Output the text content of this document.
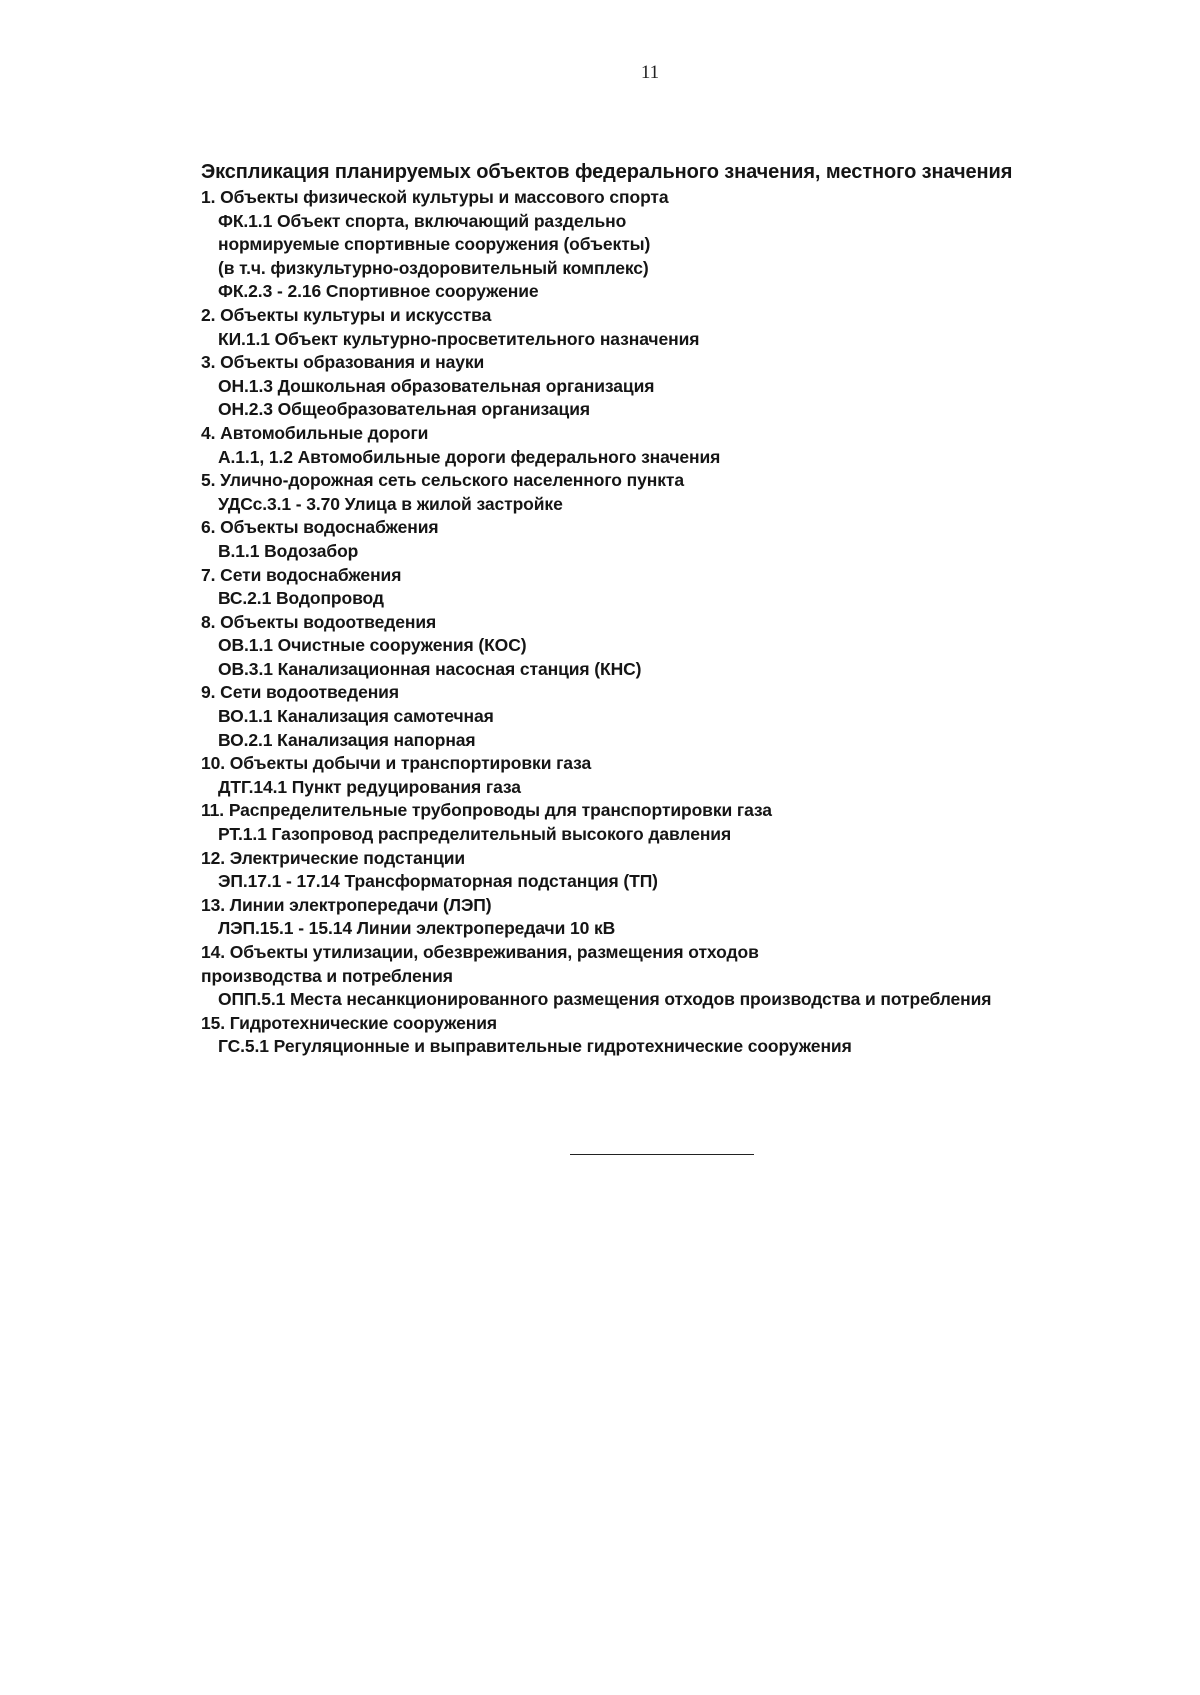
11
Экспликация планируемых объектов федерального значения, местного значения
1. Объекты физической культуры и массового спорта
ФК.1.1 Объект спорта, включающий раздельно
нормируемые спортивные сооружения (объекты)
(в т.ч. физкультурно-оздоровительный комплекс)
ФК.2.3 - 2.16 Спортивное сооружение
2. Объекты культуры и искусства
КИ.1.1 Объект культурно-просветительного назначения
3. Объекты образования и науки
ОН.1.3 Дошкольная образовательная организация
ОН.2.3 Общеобразовательная организация
4. Автомобильные дороги
А.1.1, 1.2 Автомобильные дороги федерального значения
5. Улично-дорожная сеть сельского населенного пункта
УДСс.3.1 - 3.70 Улица в жилой застройке
6. Объекты водоснабжения
В.1.1 Водозабор
7. Сети водоснабжения
ВС.2.1 Водопровод
8. Объекты водоотведения
ОВ.1.1 Очистные сооружения (КОС)
ОВ.3.1 Канализационная насосная станция (КНС)
9. Сети водоотведения
ВО.1.1 Канализация самотечная
ВО.2.1 Канализация напорная
10. Объекты добычи и транспортировки газа
ДТГ.14.1 Пункт редуцирования газа
11. Распределительные трубопроводы для транспортировки газа
РТ.1.1 Газопровод распределительный высокого давления
12. Электрические подстанции
ЭП.17.1 - 17.14 Трансформаторная подстанция (ТП)
13. Линии электропередачи (ЛЭП)
ЛЭП.15.1 - 15.14 Линии электропередачи 10 кВ
14. Объекты утилизации, обезвреживания, размещения отходов
производства и потребления
ОПП.5.1 Места несанкционированного размещения отходов производства и потребления
15. Гидротехнические сооружения
ГС.5.1 Регуляционные и выправительные гидротехнические сооружения
